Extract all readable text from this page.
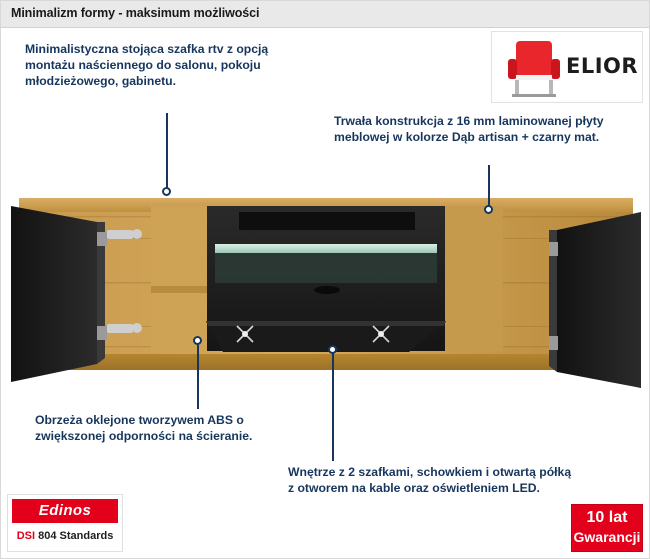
Minimalizm formy - maksimum możliwości
ELIOR
Minimalistyczna stojąca szafka rtv z opcją montażu naściennego do salonu, pokoju młodzieżowego, gabinetu.
Trwała konstrukcja z 16 mm laminowanej płyty meblowej w kolorze Dąb artisan + czarny mat.
Obrzeża oklejone tworzywem ABS o zwiększonej odporności na ścieranie.
Wnętrze z 2 szafkami, schowkiem i otwartą półką z otworem na kable oraz oświetleniem LED.
Edinos
DSI 804 Standards
10 lat
Gwarancji
